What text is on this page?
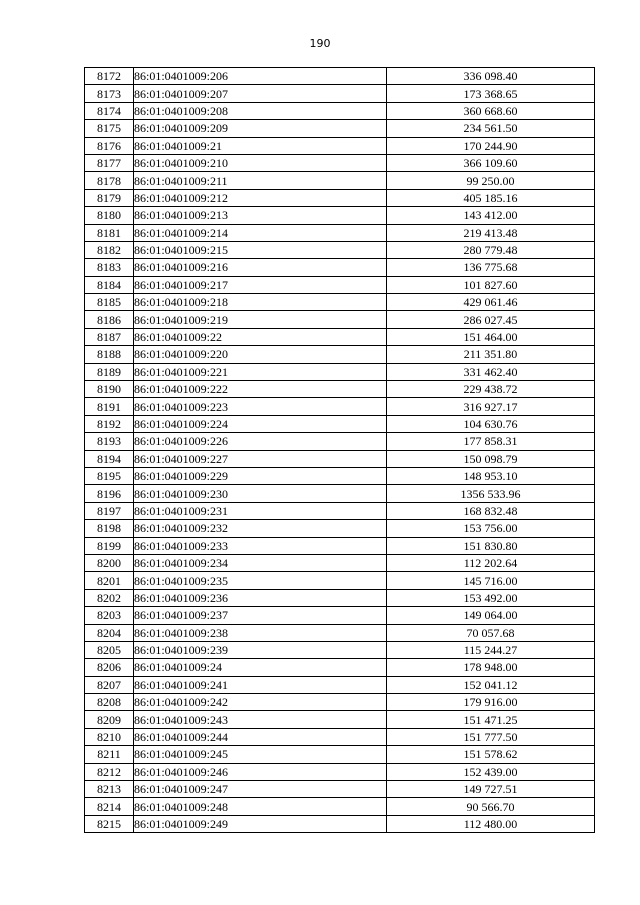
190
8172	86:01:0401009:206	336 098.40
8173	86:01:0401009:207	173 368.65
8174	86:01:0401009:208	360 668.60
8175	86:01:0401009:209	234 561.50
8176	86:01:0401009:21	170 244.90
8177	86:01:0401009:210	366 109.60
8178	86:01:0401009:211	99 250.00
8179	86:01:0401009:212	405 185.16
8180	86:01:0401009:213	143 412.00
8181	86:01:0401009:214	219 413.48
8182	86:01:0401009:215	280 779.48
8183	86:01:0401009:216	136 775.68
8184	86:01:0401009:217	101 827.60
8185	86:01:0401009:218	429 061.46
8186	86:01:0401009:219	286 027.45
8187	86:01:0401009:22	151 464.00
8188	86:01:0401009:220	211 351.80
8189	86:01:0401009:221	331 462.40
8190	86:01:0401009:222	229 438.72
8191	86:01:0401009:223	316 927.17
8192	86:01:0401009:224	104 630.76
8193	86:01:0401009:226	177 858.31
8194	86:01:0401009:227	150 098.79
8195	86:01:0401009:229	148 953.10
8196	86:01:0401009:230	1356 533.96
8197	86:01:0401009:231	168 832.48
8198	86:01:0401009:232	153 756.00
8199	86:01:0401009:233	151 830.80
8200	86:01:0401009:234	112 202.64
8201	86:01:0401009:235	145 716.00
8202	86:01:0401009:236	153 492.00
8203	86:01:0401009:237	149 064.00
8204	86:01:0401009:238	70 057.68
8205	86:01:0401009:239	115 244.27
8206	86:01:0401009:24	178 948.00
8207	86:01:0401009:241	152 041.12
8208	86:01:0401009:242	179 916.00
8209	86:01:0401009:243	151 471.25
8210	86:01:0401009:244	151 777.50
8211	86:01:0401009:245	151 578.62
8212	86:01:0401009:246	152 439.00
8213	86:01:0401009:247	149 727.51
8214	86:01:0401009:248	90 566.70
8215	86:01:0401009:249	112 480.00
